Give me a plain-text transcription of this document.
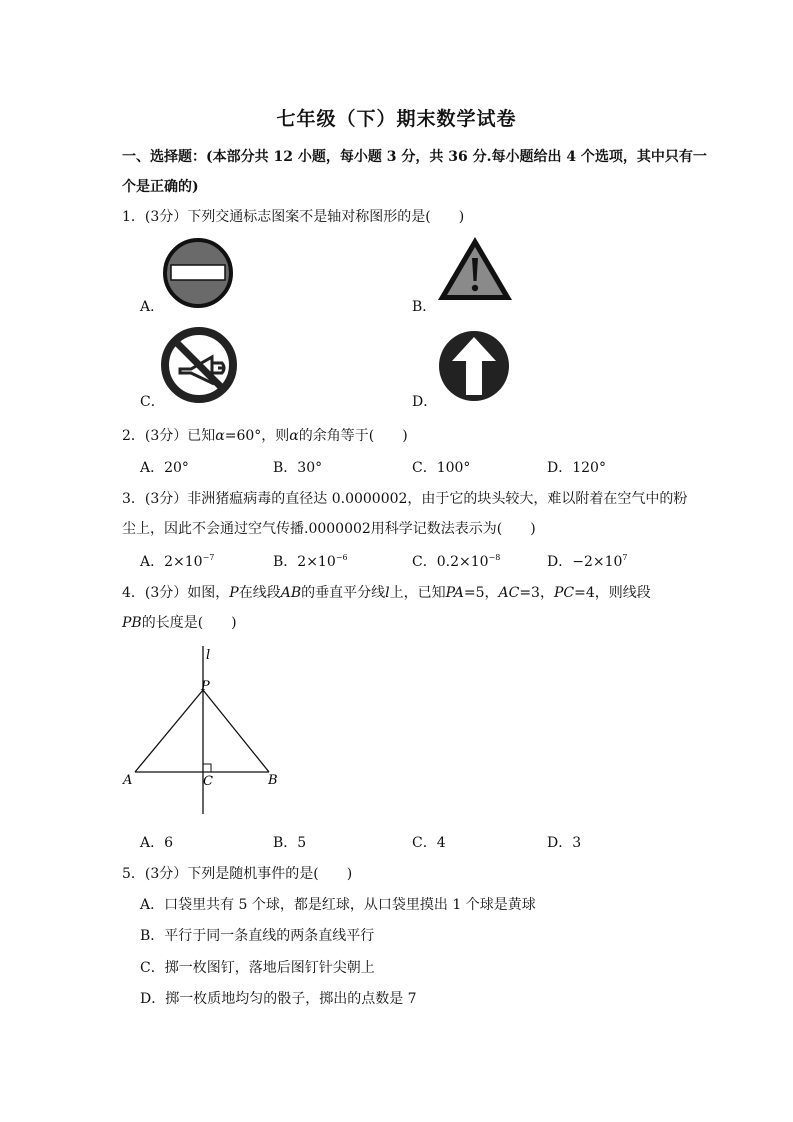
七年级（下）期末数学试卷
一、选择题：(本部分共 12 小题，每小题 3 分，共 36 分.每小题给出 4 个选项，其中只有一
个是正确的)
1．(3分）下列交通标志图案不是轴对称图形的是(　　)
A．	B．
C．	D．
2．(3分）已知α=60°，则α的余角等于(　　)
A．20°	B．30°	C．100°	D．120°
3．(3分）非洲猪瘟病毒的直径达 0.0000002，由于它的块头较大，难以附着在空气中的粉
尘上，因此不会通过空气传播.0000002用科学记数法表示为(　　)
A．$2\times 10^{-7}$	B．$2\times 10^{-6}$	C．$0.2\times 10^{-8}$	D．$-2\times 10^7$
4．(3分）如图，P在线段AB的垂直平分线l上，已知PA=5，AC=3，PC=4，则线段
PB的长度是(　　)
l
P
A	C	B
A．6	B．5	C．4	D．3
5．(3分）下列是随机事件的是(　　)
A．口袋里共有 5 个球，都是红球，从口袋里摸出 1 个球是黄球
B．平行于同一条直线的两条直线平行
C．掷一枚图钉，落地后图钉针尖朝上
D．掷一枚质地均匀的骰子，掷出的点数是 7
